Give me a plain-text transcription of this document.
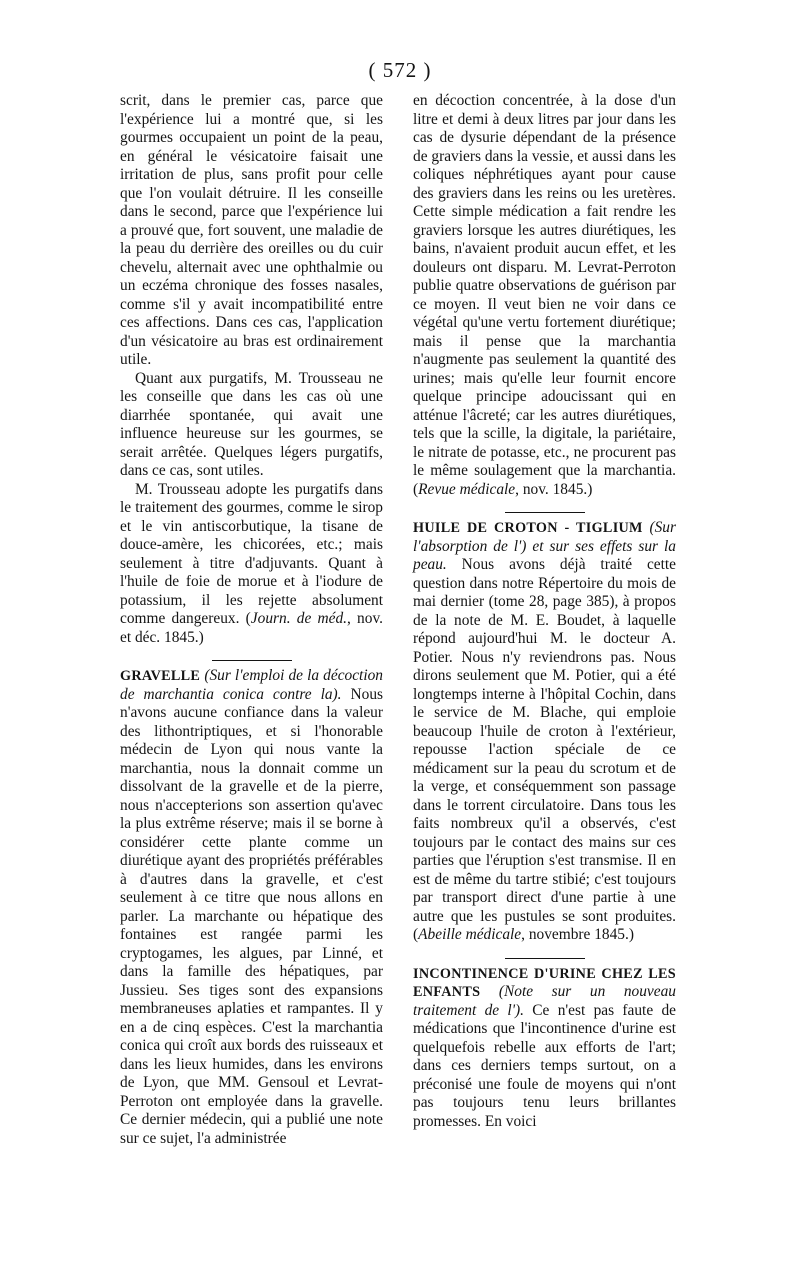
( 572 )

scrit, dans le premier cas, parce que l'expérience lui a montré que, si les gourmes occupaient un point de la peau, en général le vésicatoire faisait une irritation de plus, sans profit pour celle que l'on voulait détruire. Il les conseille dans le second, parce que l'expérience lui a prouvé que, fort souvent, une maladie de la peau du derrière des oreilles ou du cuir chevelu, alternait avec une ophthalmie ou un eczéma chronique des fosses nasales, comme s'il y avait incompatibilité entre ces affections. Dans ces cas, l'application d'un vésicatoire au bras est ordinairement utile.

Quant aux purgatifs, M. Trousseau ne les conseille que dans les cas où une diarrhée spontanée, qui avait une influence heureuse sur les gourmes, se serait arrêtée. Quelques légers purgatifs, dans ce cas, sont utiles.

M. Trousseau adopte les purgatifs dans le traitement des gourmes, comme le sirop et le vin antiscorbutique, la tisane de douce-amère, les chicorées, etc.; mais seulement à titre d'adjuvants. Quant à l'huile de foie de morue et à l'iodure de potassium, il les rejette absolument comme dangereux. (Journ. de méd., nov. et déc. 1845.)

GRAVELLE (Sur l'emploi de la décoction de marchantia conica contre la). Nous n'avons aucune confiance dans la valeur des lithontriptiques, et si l'honorable médecin de Lyon qui nous vante la marchantia, nous la donnait comme un dissolvant de la gravelle et de la pierre, nous n'accepterions son assertion qu'avec la plus extrême réserve; mais il se borne à considérer cette plante comme un diurétique ayant des propriétés préférables à d'autres dans la gravelle, et c'est seulement à ce titre que nous allons en parler. La marchante ou hépatique des fontaines est rangée parmi les cryptogames, les algues, par Linné, et dans la famille des hépatiques, par Jussieu. Ses tiges sont des expansions membraneuses aplaties et rampantes. Il y en a de cinq espèces. C'est la marchantia conica qui croît aux bords des ruisseaux et dans les lieux humides, dans les environs de Lyon, que MM. Gensoul et Levrat-Perroton ont employée dans la gravelle. Ce dernier médecin, qui a publié une note sur ce sujet, l'a administrée

en décoction concentrée, à la dose d'un litre et demi à deux litres par jour dans les cas de dysurie dépendant de la présence de graviers dans la vessie, et aussi dans les coliques néphrétiques ayant pour cause des graviers dans les reins ou les uretères. Cette simple médication a fait rendre les graviers lorsque les autres diurétiques, les bains, n'avaient produit aucun effet, et les douleurs ont disparu. M. Levrat-Perroton publie quatre observations de guérison par ce moyen. Il veut bien ne voir dans ce végétal qu'une vertu fortement diurétique; mais il pense que la marchantia n'augmente pas seulement la quantité des urines; mais qu'elle leur fournit encore quelque principe adoucissant qui en atténue l'âcreté; car les autres diurétiques, tels que la scille, la digitale, la pariétaire, le nitrate de potasse, etc., ne procurent pas le même soulagement que la marchantia. (Revue médicale, nov. 1845.)

HUILE DE CROTON - TIGLIUM (Sur l'absorption de l') et sur ses effets sur la peau. Nous avons déjà traité cette question dans notre Répertoire du mois de mai dernier (tome 28, page 385), à propos de la note de M. E. Boudet, à laquelle répond aujourd'hui M. le docteur A. Potier. Nous n'y reviendrons pas. Nous dirons seulement que M. Potier, qui a été longtemps interne à l'hôpital Cochin, dans le service de M. Blache, qui emploie beaucoup l'huile de croton à l'extérieur, repousse l'action spéciale de ce médicament sur la peau du scrotum et de la verge, et conséquemment son passage dans le torrent circulatoire. Dans tous les faits nombreux qu'il a observés, c'est toujours par le contact des mains sur ces parties que l'éruption s'est transmise. Il en est de même du tartre stibié; c'est toujours par transport direct d'une partie à une autre que les pustules se sont produites. (Abeille médicale, novembre 1845.)

INCONTINENCE D'URINE CHEZ LES ENFANTS (Note sur un nouveau traitement de l'). Ce n'est pas faute de médications que l'incontinence d'urine est quelquefois rebelle aux efforts de l'art; dans ces derniers temps surtout, on a préconisé une foule de moyens qui n'ont pas toujours tenu leurs brillantes promesses. En voici
